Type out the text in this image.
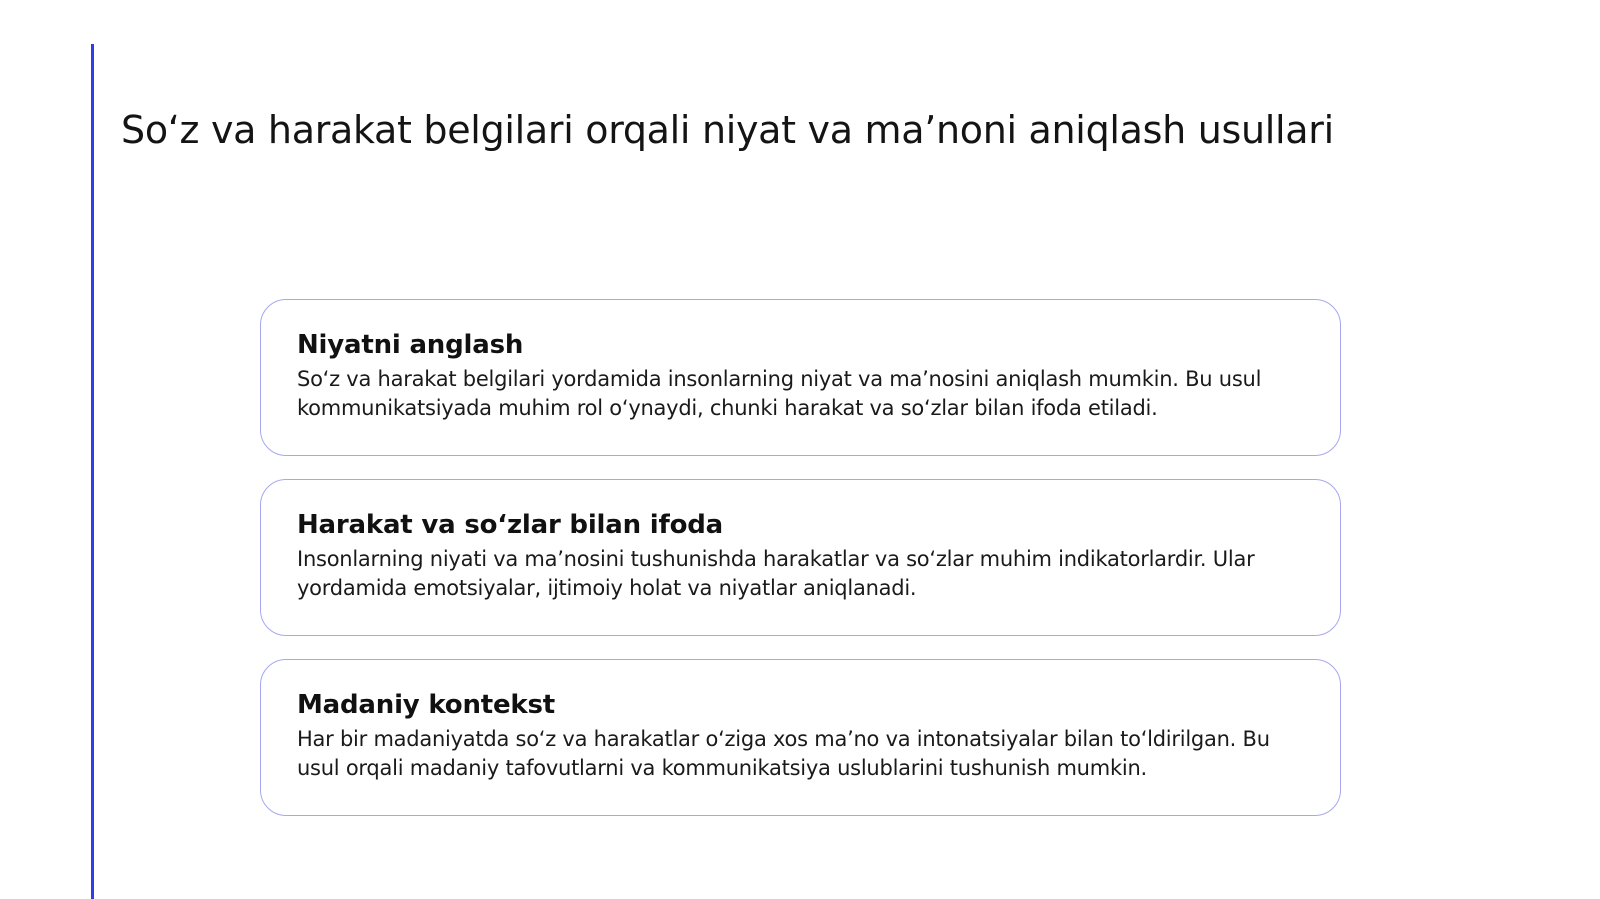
So‘z va harakat belgilari orqali niyat va ma’noni aniqlash usullari

Niyatni anglash

So‘z va harakat belgilari yordamida insonlarning niyat va ma’nosini aniqlash mumkin. Bu usul kommunikatsiyada muhim rol o‘ynaydi, chunki harakat va so‘zlar bilan ifoda etiladi.

Harakat va so‘zlar bilan ifoda

Insonlarning niyati va ma’nosini tushunishda harakatlar va so‘zlar muhim indikatorlardir. Ular yordamida emotsiyalar, ijtimoiy holat va niyatlar aniqlanadi.

Madaniy kontekst

Har bir madaniyatda so‘z va harakatlar o‘ziga xos ma’no va intonatsiyalar bilan to‘ldirilgan. Bu usul orqali madaniy tafovutlarni va kommunikatsiya uslublarini tushunish mumkin.
